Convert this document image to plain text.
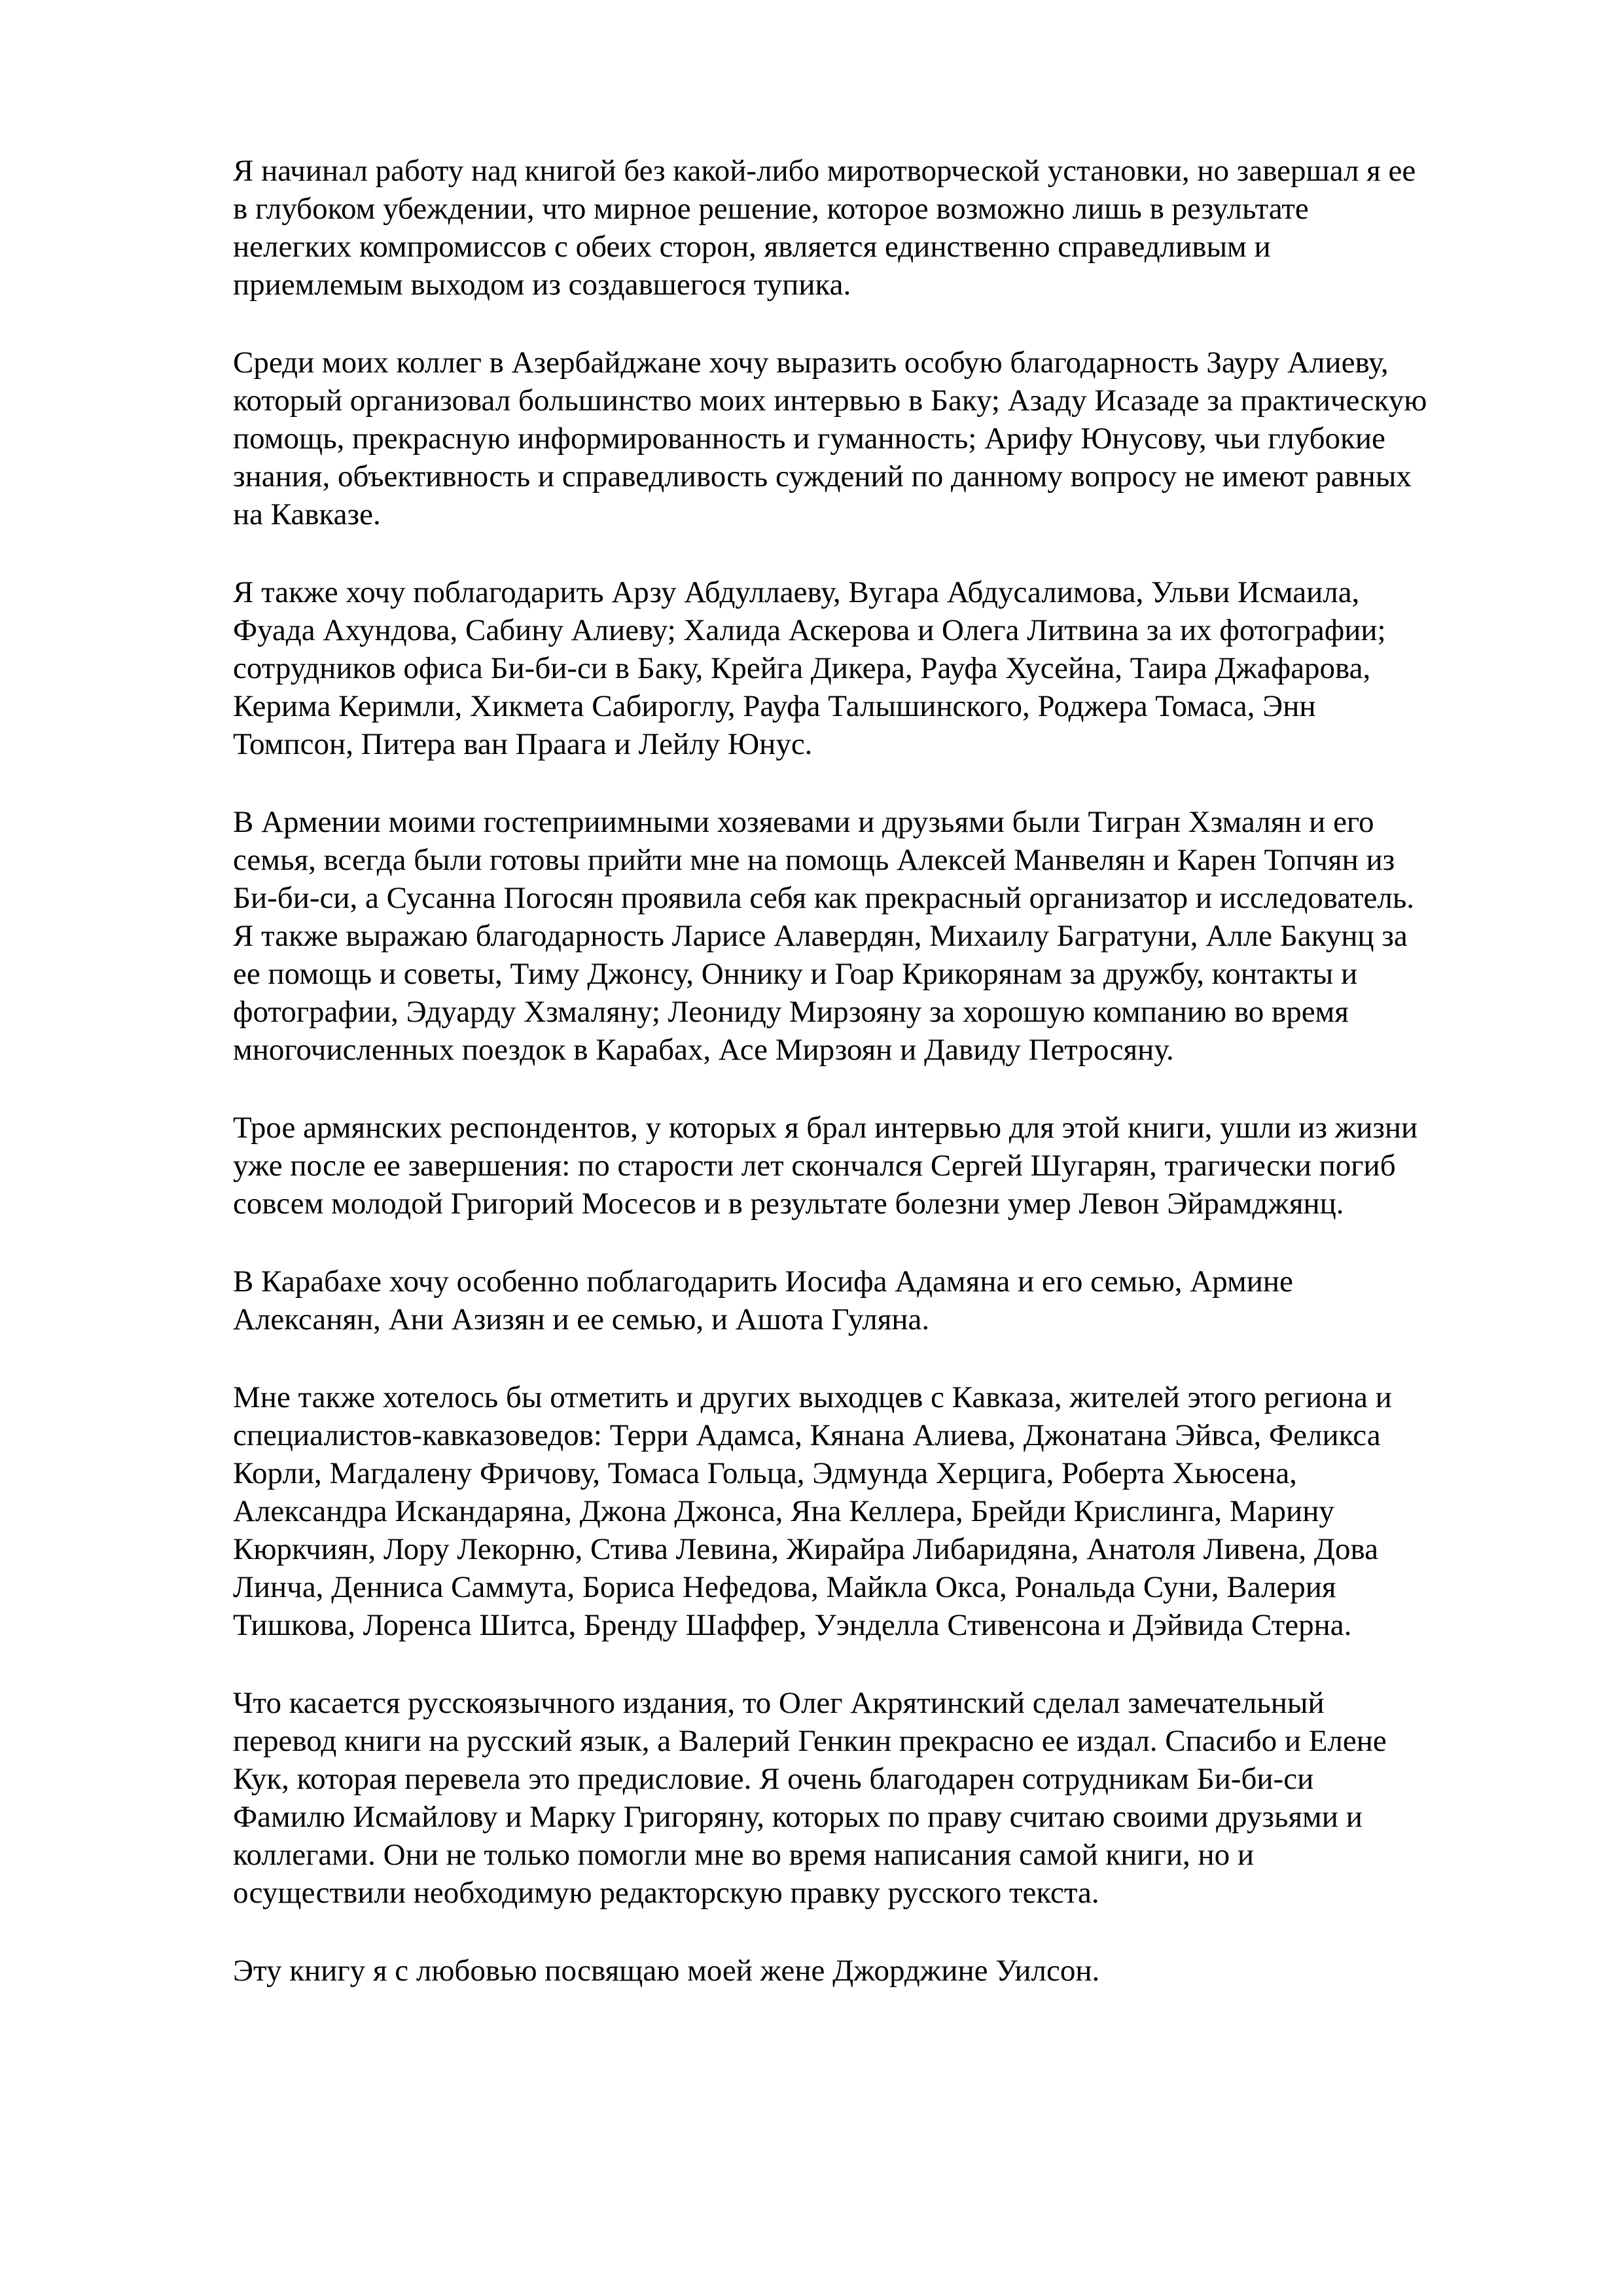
Я начинал работу над книгой без какой-либо миротворческой установки, но завершал я ее
в глубоком убеждении, что мирное решение, которое возможно лишь в результате
нелегких компромиссов с обеих сторон, является единственно справедливым и
приемлемым выходом из создавшегося тупика.
Среди моих коллег в Азербайджане хочу выразить особую благодарность Зауру Алиеву,
который организовал большинство моих интервью в Баку; Азаду Исазаде за практическую
помощь, прекрасную информированность и гуманность; Арифу Юнусову, чьи глубокие
знания, объективность и справедливость суждений по данному вопросу не имеют равных
на Кавказе.
Я также хочу поблагодарить Арзу Абдуллаеву, Вугара Абдусалимова, Ульви Исмаила,
Фуада Ахундова, Сабину Алиеву; Халида Аскерова и Олега Литвина за их фотографии;
сотрудников офиса Би-би-си в Баку, Крейга Дикера, Рауфа Хусейна, Таира Джафарова,
Керима Керимли, Хикмета Сабироглу, Рауфа Талышинского, Роджера Томаса, Энн
Томпсон, Питера ван Праага и Лейлу Юнус.
В Армении моими гостеприимными хозяевами и друзьями были Тигран Хзмалян и его
семья, всегда были готовы прийти мне на помощь Алексей Манвелян и Карен Топчян из
Би-би-си, а Сусанна Погосян проявила себя как прекрасный организатор и исследователь.
Я также выражаю благодарность Ларисе Алавердян, Михаилу Багратуни, Алле Бакунц за
ее помощь и советы, Тиму Джонсу, Оннику и Гоар Крикорянам за дружбу, контакты и
фотографии, Эдуарду Хзмаляну; Леониду Мирзояну за хорошую компанию во время
многочисленных поездок в Карабах, Асе Мирзоян и Давиду Петросяну.
Трое армянских респондентов, у которых я брал интервью для этой книги, ушли из жизни
уже после ее завершения: по старости лет скончался Сергей Шугарян, трагически погиб
совсем молодой Григорий Мосесов и в результате болезни умер Левон Эйрамджянц.
В Карабахе хочу особенно поблагодарить Иосифа Адамяна и его семью, Армине
Алексанян, Ани Азизян и ее семью, и Ашота Гуляна.
Мне также хотелось бы отметить и других выходцев с Кавказа, жителей этого региона и
специалистов-кавказоведов: Терри Адамса, Кянана Алиева, Джонатана Эйвса, Феликса
Корли, Магдалену Фричову, Томаса Гольца, Эдмунда Херцига, Роберта Хьюсена,
Александра Искандаряна, Джона Джонса, Яна Келлера, Брейди Крислинга, Марину
Кюркчиян, Лору Лекорню, Стива Левина, Жирайра Либаридяна, Анатоля Ливена, Дова
Линча, Денниса Саммута, Бориса Нефедова, Майкла Окса, Рональда Суни, Валерия
Тишкова, Лоренса Шитса, Бренду Шаффер, Уэнделла Стивенсона и Дэйвида Стерна.
Что касается русскоязычного издания, то Олег Акрятинский сделал замечательный
перевод книги на русский язык, а Валерий Генкин прекрасно ее издал. Спасибо и Елене
Кук, которая перевела это предисловие. Я очень благодарен сотрудникам Би-би-си
Фамилю Исмайлову и Марку Григоряну, которых по праву считаю своими друзьями и
коллегами. Они не только помогли мне во время написания самой книги, но и
осуществили необходимую редакторскую правку русского текста.
Эту книгу я с любовью посвящаю моей жене Джорджине Уилсон.
